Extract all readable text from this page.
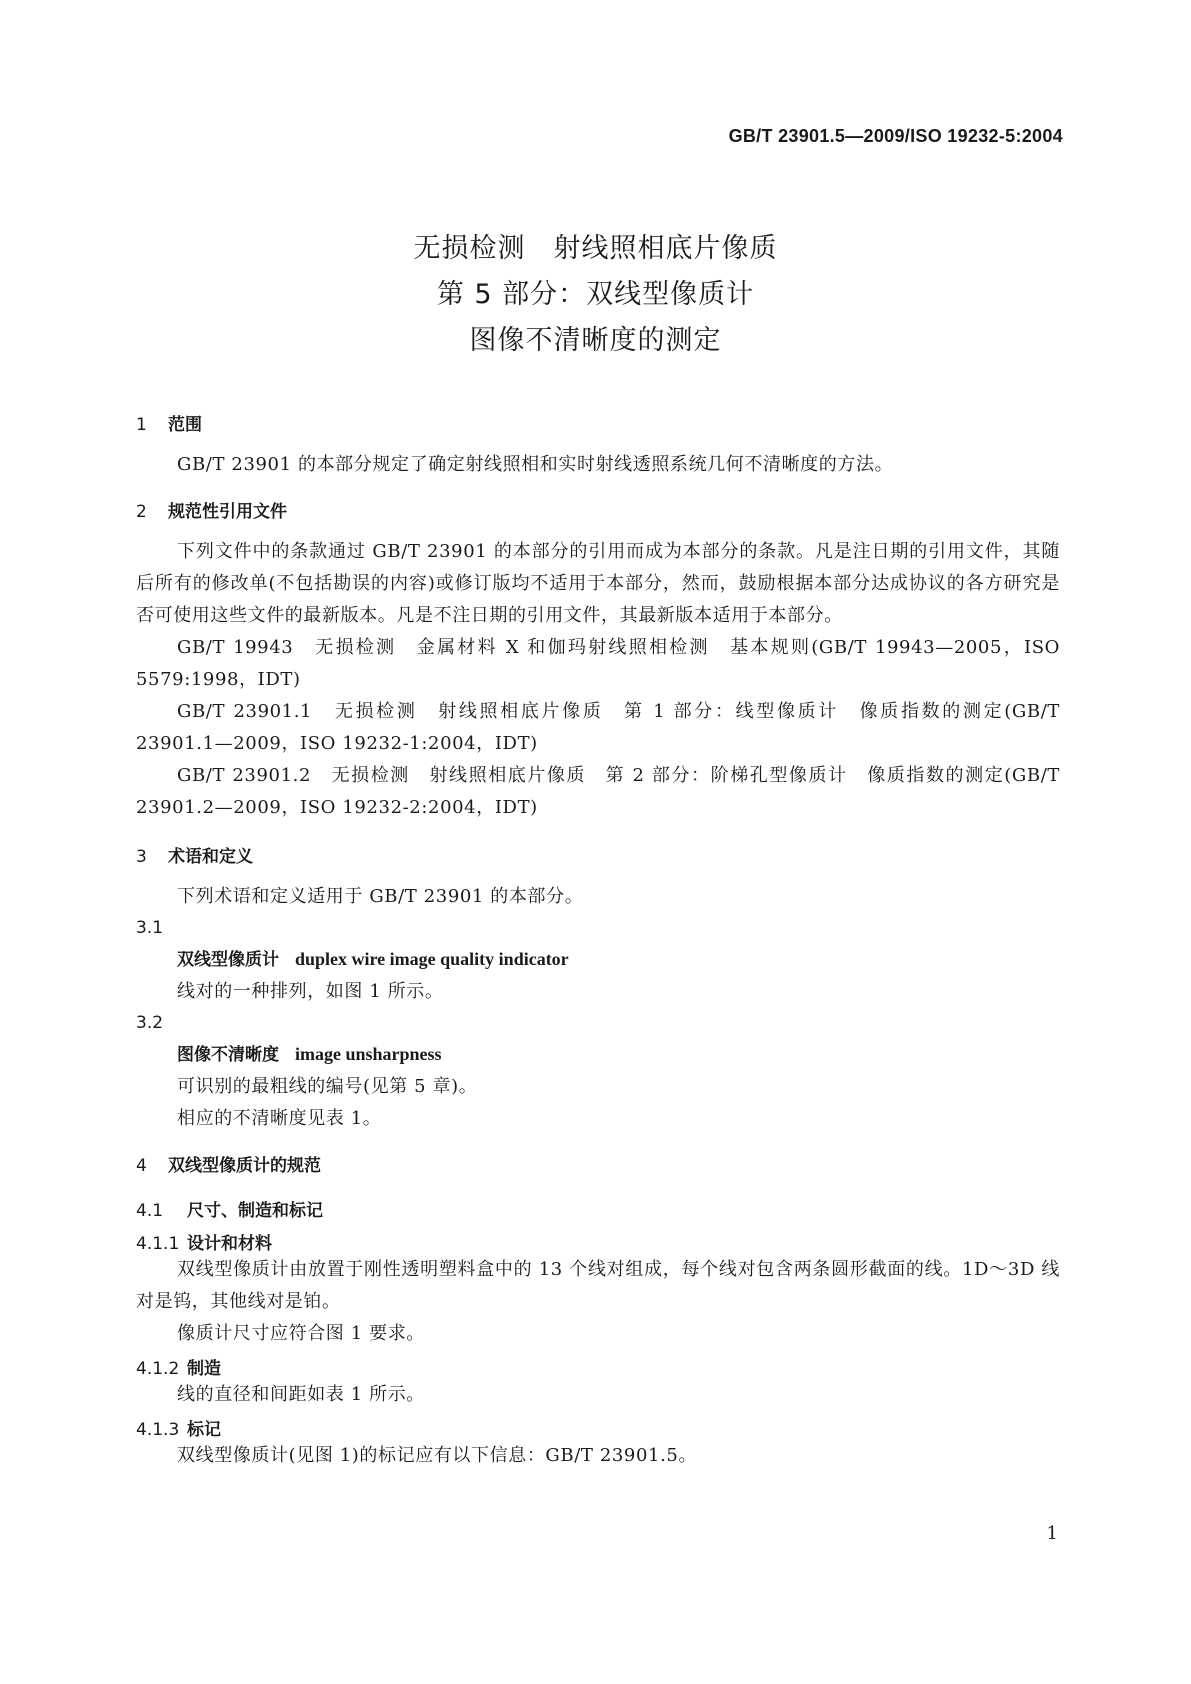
GB/T 23901.5—2009/ISO 19232-5:2004
无损检测　射线照相底片像质
第 5 部分：双线型像质计
图像不清晰度的测定
1	范围
GB/T 23901 的本部分规定了确定射线照相和实时射线透照系统几何不清晰度的方法。
2	规范性引用文件
下列文件中的条款通过 GB/T 23901 的本部分的引用而成为本部分的条款。凡是注日期的引用文件，其随后所有的修改单(不包括勘误的内容)或修订版均不适用于本部分，然而，鼓励根据本部分达成协议的各方研究是否可使用这些文件的最新版本。凡是不注日期的引用文件，其最新版本适用于本部分。
GB/T 19943　无损检测　金属材料 X 和伽玛射线照相检测　基本规则(GB/T 19943—2005，ISO 5579:1998，IDT)
GB/T 23901.1　无损检测　射线照相底片像质　第 1 部分：线型像质计　像质指数的测定(GB/T 23901.1—2009，ISO 19232-1:2004，IDT)
GB/T 23901.2　无损检测　射线照相底片像质　第 2 部分：阶梯孔型像质计　像质指数的测定(GB/T 23901.2—2009，ISO 19232-2:2004，IDT)
3	术语和定义
下列术语和定义适用于 GB/T 23901 的本部分。
3.1
双线型像质计 duplex wire image quality indicator
线对的一种排列，如图 1 所示。
3.2
图像不清晰度 image unsharpness
可识别的最粗线的编号(见第 5 章)。
相应的不清晰度见表 1。
4	双线型像质计的规范
4.1	尺寸、制造和标记
4.1.1 设计和材料
双线型像质计由放置于刚性透明塑料盒中的 13 个线对组成，每个线对包含两条圆形截面的线。1D～3D 线对是钨，其他线对是铂。
像质计尺寸应符合图 1 要求。
4.1.2 制造
线的直径和间距如表 1 所示。
4.1.3 标记
双线型像质计(见图 1)的标记应有以下信息：GB/T 23901.5。
1
